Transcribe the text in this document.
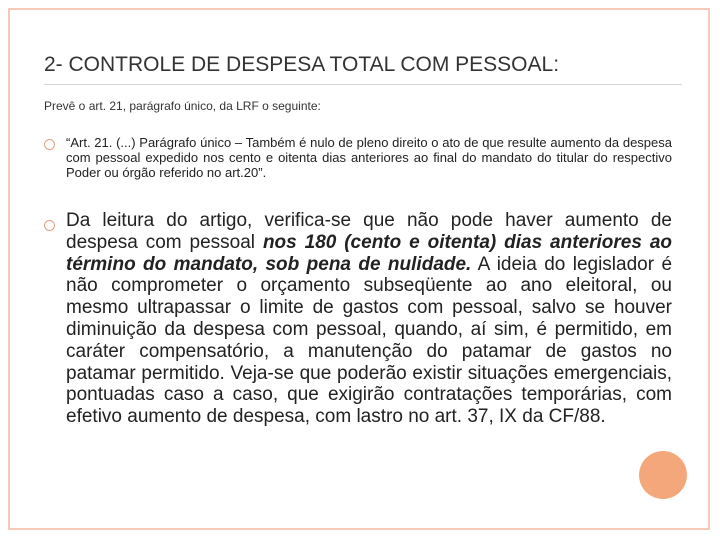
2- CONTROLE DE DESPESA TOTAL COM PESSOAL:
Prevê o art. 21, parágrafo único, da LRF o seguinte:
“Art. 21. (...) Parágrafo único – Também é nulo de pleno direito o ato de que resulte aumento da despesa com pessoal expedido nos cento e oitenta dias anteriores ao final do mandato do titular do respectivo Poder ou órgão referido no art.20”.
Da leitura do artigo, verifica-se que não pode haver aumento de despesa com pessoal nos 180 (cento e oitenta) dias anteriores ao término do mandato, sob pena de nulidade. A ideia do legislador é não comprometer o orçamento subseqüente ao ano eleitoral, ou mesmo ultrapassar o limite de gastos com pessoal, salvo se houver diminuição da despesa com pessoal, quando, aí sim, é permitido, em caráter compensatório, a manutenção do patamar de gastos no patamar permitido. Veja-se que poderão existir situações emergenciais, pontuadas caso a caso, que exigirão contratações temporárias, com efetivo aumento de despesa, com lastro no art. 37, IX da CF/88.
